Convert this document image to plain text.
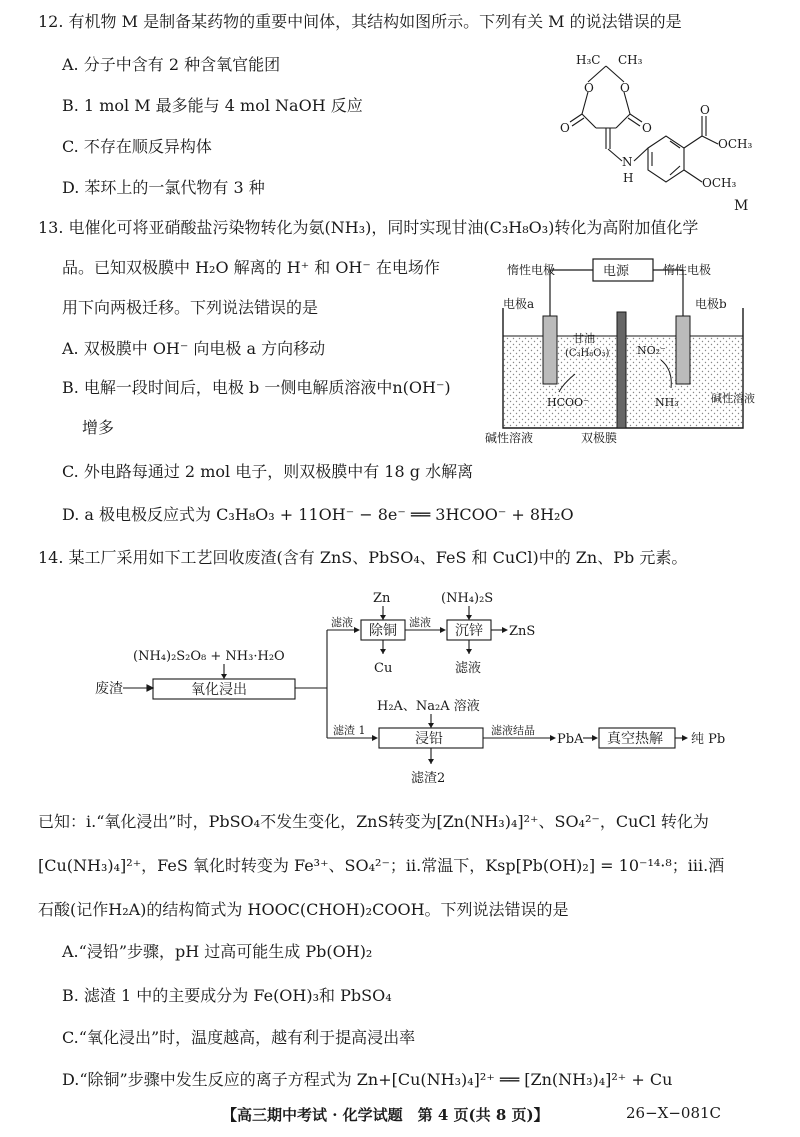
12. 有机物 M 是制备某药物的重要中间体，其结构如图所示。下列有关 M 的说法错误的是
A. 分子中含有 2 种含氧官能团
B. 1 mol M 最多能与 4 mol NaOH 反应
C. 不存在顺反异构体
D. 苯环上的一氯代物有 3 种
H₃C CH₃
O O
O	O
N
H
O
OCH₃
OCH₃
M
13. 电催化可将亚硝酸盐污染物转化为氨(NH₃)，同时实现甘油(C₃H₈O₃)转化为高附加值化学
品。已知双极膜中 H₂O 解离的 H⁺ 和 OH⁻ 在电场作
用下向两极迁移。下列说法错误的是
A. 双极膜中 OH⁻ 向电极 a 方向移动
B. 电解一段时间后，电极 b 一侧电解质溶液中n(OH⁻)
增多
C. 外电路每通过 2 mol 电子，则双极膜中有 18 g 水解离
D. a 极电极反应式为 C₃H₈O₃ + 11OH⁻ − 8e⁻ ══ 3HCOO⁻ + 8H₂O
电源
惰性电极	惰性电极
电极a	电极b
甘油
(C₃H₈O₃)
HCOO⁻
NO₂⁻
NH₃
碱性溶液	双极膜
碱性溶液
14. 某工厂采用如下工艺回收废渣(含有 ZnS、PbSO₄、FeS 和 CuCl)中的 Zn、Pb 元素。
(NH₄)₂S₂O₈ + NH₃·H₂O
废渣	氧化浸出
滤液
Zn
除铜
Cu
滤液
(NH₄)₂S
沉锌 ZnS
滤液
滤渣 1
H₂A、Na₂A 溶液
浸铅
滤渣2
滤液结晶
PbA 真空热解 纯 Pb
已知：ⅰ.“氧化浸出”时，PbSO₄不发生变化，ZnS转变为[Zn(NH₃)₄]²⁺、SO₄²⁻，CuCl 转化为
[Cu(NH₃)₄]²⁺，FeS 氧化时转变为 Fe³⁺、SO₄²⁻；ⅱ.常温下，Ksp[Pb(OH)₂] = 10⁻¹⁴·⁸；ⅲ.酒
石酸(记作H₂A)的结构简式为 HOOC(CHOH)₂COOH。下列说法错误的是
A.“浸铅”步骤，pH 过高可能生成 Pb(OH)₂
B. 滤渣 1 中的主要成分为 Fe(OH)₃和 PbSO₄
C.“氧化浸出”时，温度越高，越有利于提高浸出率
D.“除铜”步骤中发生反应的离子方程式为 Zn+[Cu(NH₃)₄]²⁺ ══ [Zn(NH₃)₄]²⁺ + Cu
【高三期中考试 · 化学试题　第 4 页(共 8 页)】	26−X−081C
